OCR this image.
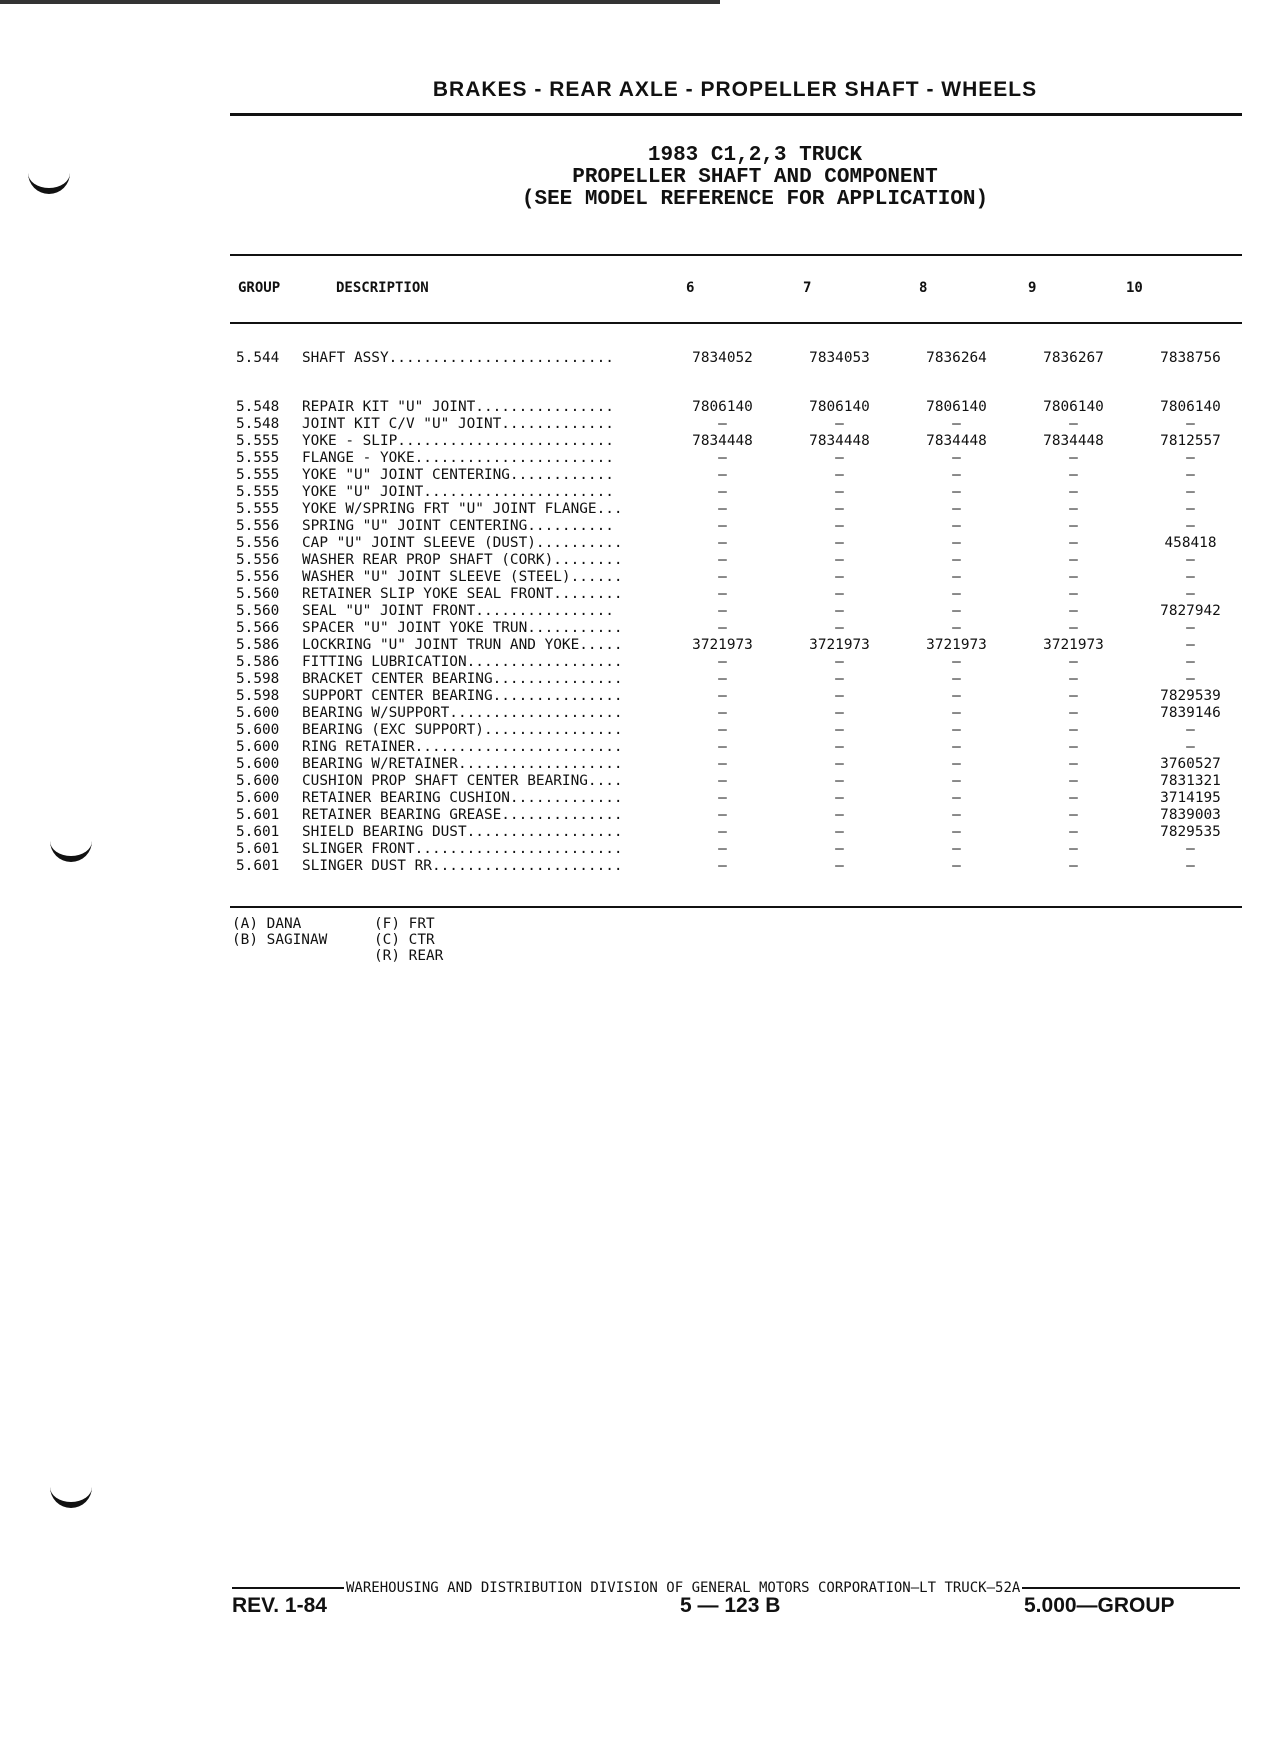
BRAKES - REAR AXLE - PROPELLER SHAFT - WHEELS
1983 C1,2,3 TRUCK
PROPELLER SHAFT AND COMPONENT
(SEE MODEL REFERENCE FOR APPLICATION)
GROUP	DESCRIPTION	6	7	8	9	10
5.544	SHAFT ASSY..........................	7834052	7834053	7836264	7836267	7838756

5.548	REPAIR KIT "U" JOINT................	7806140	7806140	7806140	7806140	7806140
5.548	JOINT KIT C/V "U" JOINT.............	—	—	—	—	—
5.555	YOKE - SLIP.........................	7834448	7834448	7834448	7834448	7812557
5.555	FLANGE - YOKE.......................	—	—	—	—	—
5.555	YOKE "U" JOINT CENTERING............	—	—	—	—	—
5.555	YOKE "U" JOINT......................	—	—	—	—	—
5.555	YOKE W/SPRING FRT "U" JOINT FLANGE...	—	—	—	—	—
5.556	SPRING "U" JOINT CENTERING..........	—	—	—	—	—
5.556	CAP "U" JOINT SLEEVE (DUST)..........	—	—	—	—	458418
5.556	WASHER REAR PROP SHAFT (CORK)........	—	—	—	—	—
5.556	WASHER "U" JOINT SLEEVE (STEEL)......	—	—	—	—	—
5.560	RETAINER SLIP YOKE SEAL FRONT........	—	—	—	—	—
5.560	SEAL "U" JOINT FRONT................	—	—	—	—	7827942
5.566	SPACER "U" JOINT YOKE TRUN...........	—	—	—	—	—
5.586	LOCKRING "U" JOINT TRUN AND YOKE.....	3721973	3721973	3721973	3721973	—
5.586	FITTING LUBRICATION..................	—	—	—	—	—
5.598	BRACKET CENTER BEARING...............	—	—	—	—	—
5.598	SUPPORT CENTER BEARING...............	—	—	—	—	7829539
5.600	BEARING W/SUPPORT....................	—	—	—	—	7839146
5.600	BEARING (EXC SUPPORT)................	—	—	—	—	—
5.600	RING RETAINER........................	—	—	—	—	—
5.600	BEARING W/RETAINER...................	—	—	—	—	3760527
5.600	CUSHION PROP SHAFT CENTER BEARING....	—	—	—	—	7831321
5.600	RETAINER BEARING CUSHION.............	—	—	—	—	3714195
5.601	RETAINER BEARING GREASE..............	—	—	—	—	7839003
5.601	SHIELD BEARING DUST..................	—	—	—	—	7829535
5.601	SLINGER FRONT........................	—	—	—	—	—
5.601	SLINGER DUST RR......................	—	—	—	—	—
(A) DANA
(B) SAGINAW
(F) FRT
(C) CTR
(R) REAR
WAREHOUSING AND DISTRIBUTION DIVISION OF GENERAL MOTORS CORPORATION—LT TRUCK—52A
REV. 1-84	5 — 123 B	5.000—GROUP
